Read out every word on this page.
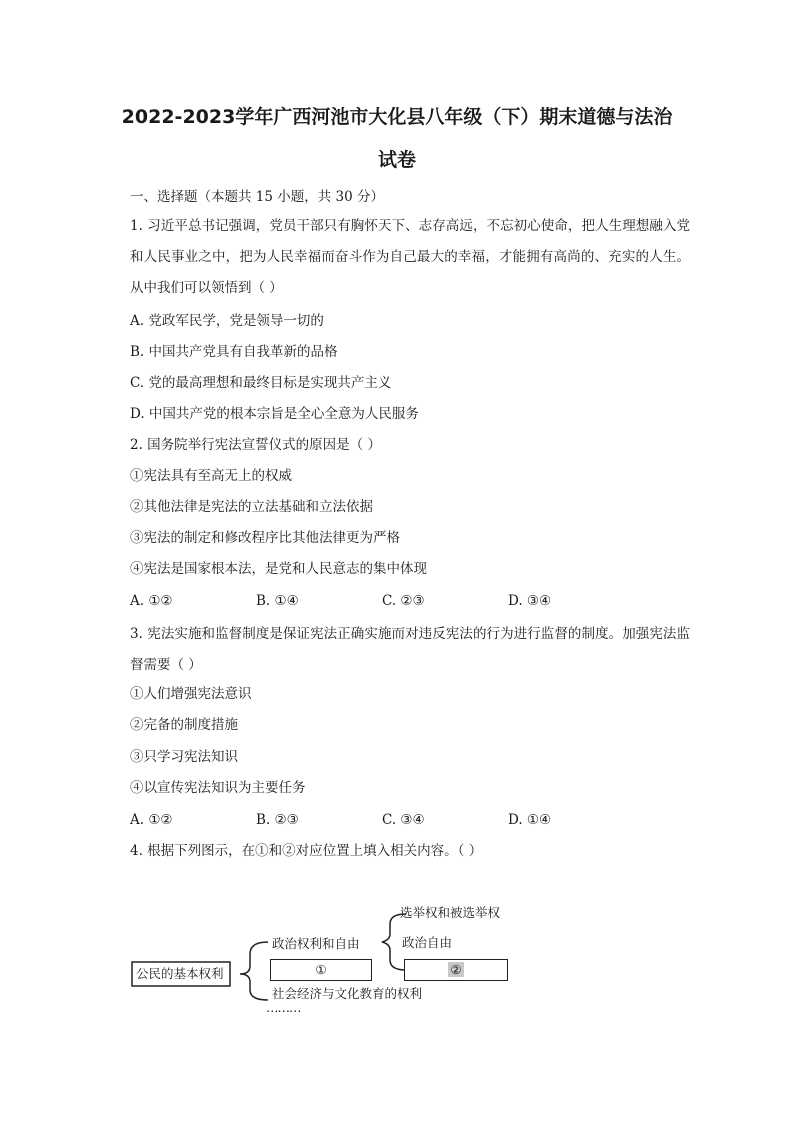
2022-2023学年广西河池市大化县八年级（下）期末道德与法治
试卷
一、选择题（本题共 15 小题，共 30 分）
1. 习近平总书记强调，党员干部只有胸怀天下、志存高远，不忘初心使命，把人生理想融入党和人民事业之中，把为人民幸福而奋斗作为自己最大的幸福，才能拥有高尚的、充实的人生。从中我们可以领悟到（ ）
A. 党政军民学，党是领导一切的
B. 中国共产党具有自我革新的品格
C. 党的最高理想和最终目标是实现共产主义
D. 中国共产党的根本宗旨是全心全意为人民服务
2. 国务院举行宪法宣誓仪式的原因是（ ）
①宪法具有至高无上的权威
②其他法律是宪法的立法基础和立法依据
③宪法的制定和修改程序比其他法律更为严格
④宪法是国家根本法，是党和人民意志的集中体现
A. ①②	B. ①④	C. ②③	D. ③④
3. 宪法实施和监督制度是保证宪法正确实施而对违反宪法的行为进行监督的制度。加强宪法监督需要（ ）
①人们增强宪法意识
②完备的制度措施
③只学习宪法知识
④以宣传宪法知识为主要任务
A. ①②	B. ②③	C. ③④	D. ①④
4. 根据下列图示，在①和②对应位置上填入相关内容。（ ）
公民的基本权利
政治权利和自由
①
社会经济与文化教育的权利
………
选举权和被选举权
政治自由
②
